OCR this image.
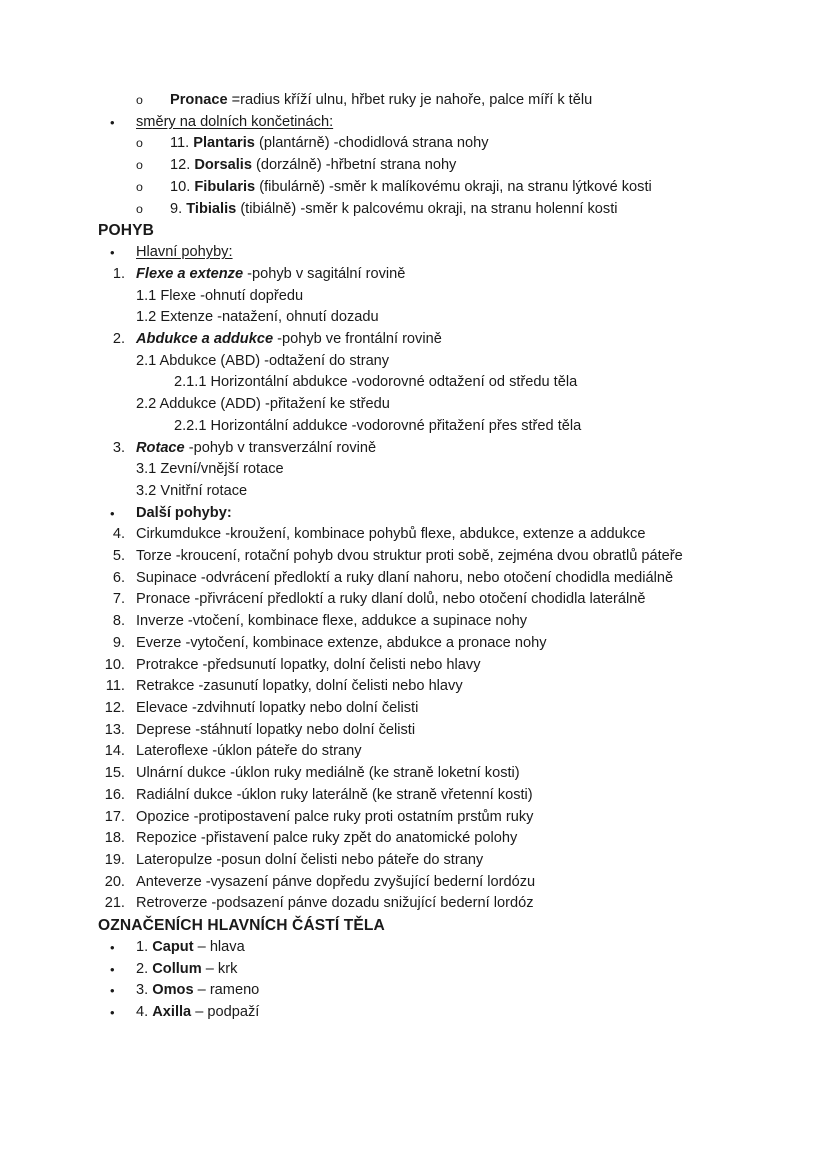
o	Pronace =radius kříží ulnu, hřbet ruky je nahoře, palce míří k tělu
•	směry na dolních končetinách:
o	11. Plantaris (plantárně) -chodidlová strana nohy
o	12. Dorsalis (dorzálně) -hřbetní strana nohy
o	10. Fibularis (fibulárně) -směr k malíkovému okraji, na stranu lýtkové kosti
o	9. Tibialis (tibiálně) -směr k palcovému okraji, na stranu holenní kosti
POHYB
•	Hlavní pohyby:
1. Flexe a extenze -pohyb v sagitální rovině
1.1 Flexe -ohnutí dopředu
1.2 Extenze -natažení, ohnutí dozadu
2. Abdukce a addukce -pohyb ve frontální rovině
2.1 Abdukce (ABD) -odtažení do strany
2.1.1 Horizontální abdukce -vodorovné odtažení od středu těla
2.2 Addukce (ADD) -přitažení ke středu
2.2.1 Horizontální addukce -vodorovné přitažení přes střed těla
3. Rotace -pohyb v transverzální rovině
3.1 Zevní/vnější rotace
3.2 Vnitřní rotace
•	Další pohyby:
4. Cirkumdukce -kroužení, kombinace pohybů flexe, abdukce, extenze a addukce
5. Torze -kroucení, rotační pohyb dvou struktur proti sobě, zejména dvou obratlů páteře
6. Supinace -odvrácení předloktí a ruky dlaní nahoru, nebo otočení chodidla mediálně
7. Pronace -přivrácení předloktí a ruky dlaní dolů, nebo otočení chodidla laterálně
8. Inverze -vtočení, kombinace flexe, addukce a supinace nohy
9. Everze -vytočení, kombinace extenze, abdukce a pronace nohy
10. Protrakce -předsunutí lopatky, dolní čelisti nebo hlavy
11. Retrakce -zasunutí lopatky, dolní čelisti nebo hlavy
12. Elevace -zdvihnutí lopatky nebo dolní čelisti
13. Deprese -stáhnutí lopatky nebo dolní čelisti
14. Lateroflexe -úklon páteře do strany
15. Ulnární dukce -úklon ruky mediálně (ke straně loketní kosti)
16. Radiální dukce -úklon ruky laterálně (ke straně vřetenní kosti)
17. Opozice -protipostavení palce ruky proti ostatním prstům ruky
18. Repozice -přistavení palce ruky zpět do anatomické polohy
19. Lateropulze -posun dolní čelisti nebo páteře do strany
20. Anteverze -vysazení pánve dopředu zvyšující bederní lordózu
21. Retroverze -podsazení pánve dozadu snižující bederní lordóz
OZNAČENÍCH HLAVNÍCH ČÁSTÍ TĚLA
•	1. Caput – hlava
•	2. Collum – krk
•	3. Omos – rameno
•	4. Axilla – podpaží
